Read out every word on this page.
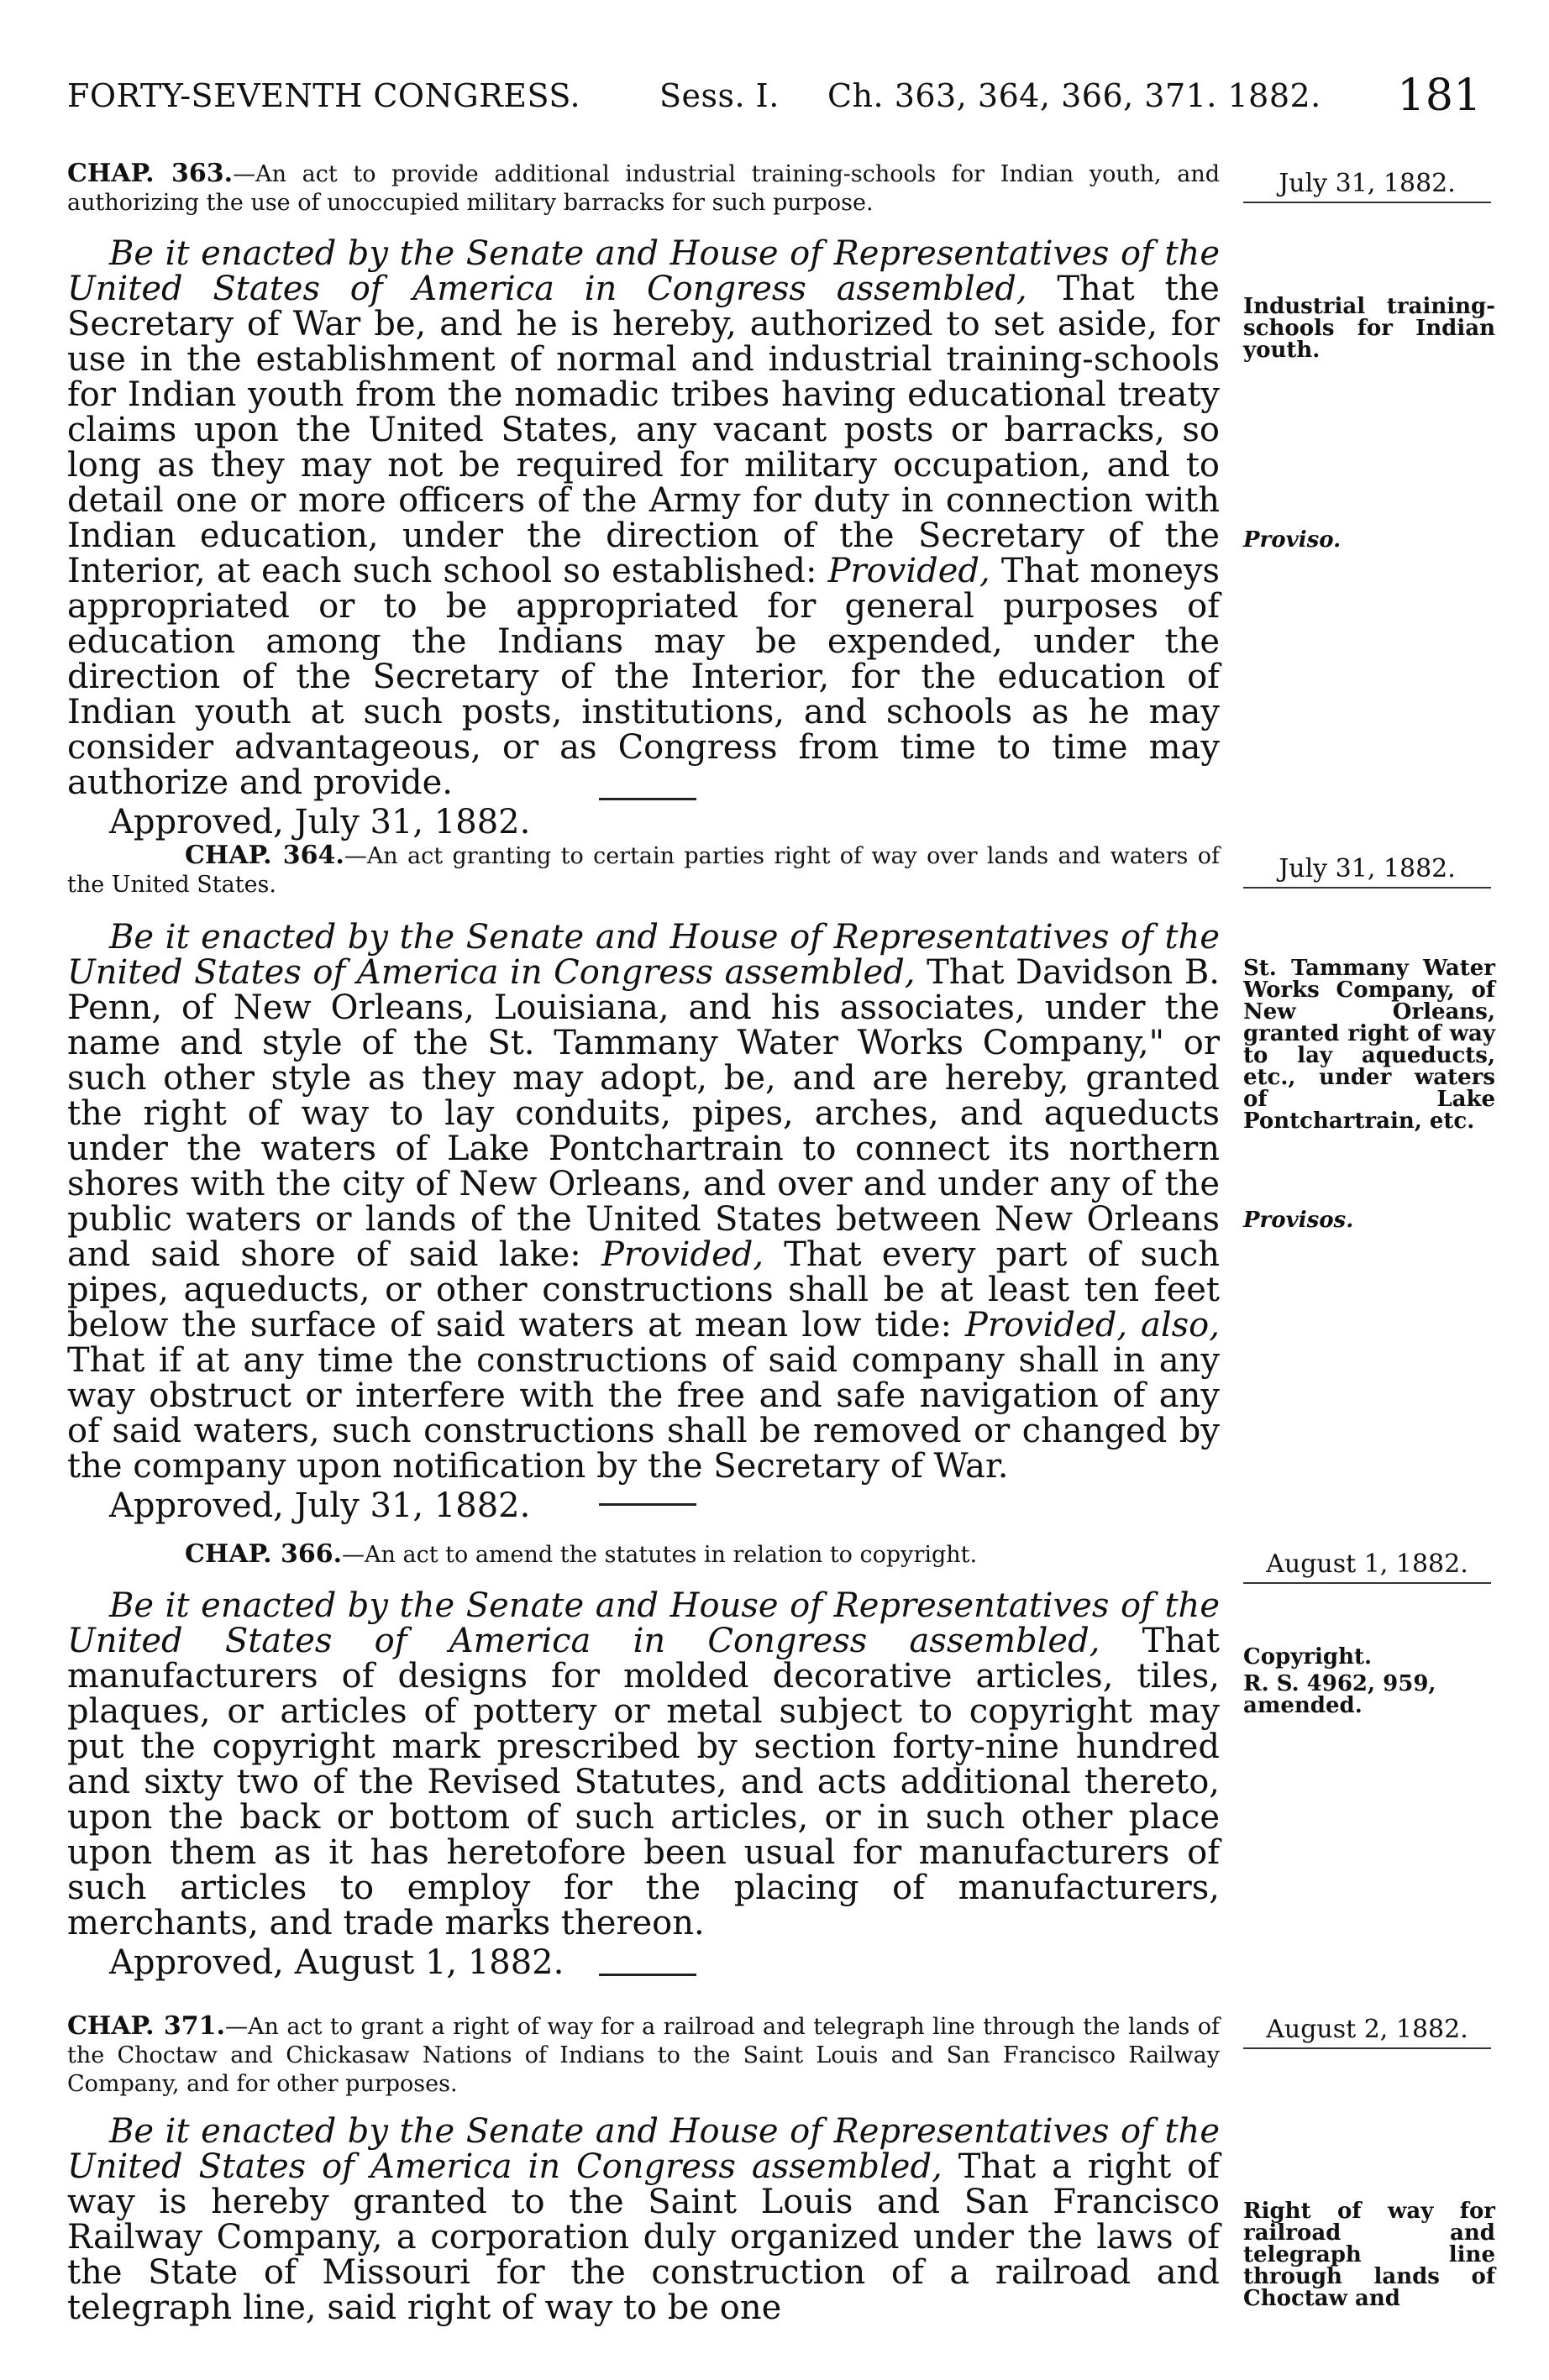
FORTY-SEVENTH CONGRESS. Sess. I. Ch. 363, 364, 366, 371. 1882. 181
CHAP. 363.—An act to provide additional industrial training-schools for Indian youth, and authorizing the use of unoccupied military barracks for such purpose.
Be it enacted by the Senate and House of Representatives of the United States of America in Congress assembled, That the Secretary of War be, and he is hereby, authorized to set aside, for use in the establishment of normal and industrial training-schools for Indian youth from the nomadic tribes having educational treaty claims upon the United States, any vacant posts or barracks, so long as they may not be required for military occupation, and to detail one or more officers of the Army for duty in connection with Indian education, under the direction of the Secretary of the Interior, at each such school so established: Provided, That moneys appropriated or to be appropriated for general purposes of education among the Indians may be expended, under the direction of the Secretary of the Interior, for the education of Indian youth at such posts, institutions, and schools as he may consider advantageous, or as Congress from time to time may authorize and provide.
Approved, July 31, 1882.
July 31, 1882.
Industrial training-schools for Indian youth.
Proviso.
CHAP. 364.—An act granting to certain parties right of way over lands and waters of the United States.
Be it enacted by the Senate and House of Representatives of the United States of America in Congress assembled, That Davidson B. Penn, of New Orleans, Louisiana, and his associates, under the name and style of the St. Tammany Water Works Company," or such other style as they may adopt, be, and are hereby, granted the right of way to lay conduits, pipes, arches, and aqueducts under the waters of Lake Pontchartrain to connect its northern shores with the city of New Orleans, and over and under any of the public waters or lands of the United States between New Orleans and said shore of said lake: Provided, That every part of such pipes, aqueducts, or other constructions shall be at least ten feet below the surface of said waters at mean low tide: Provided, also, That if at any time the constructions of said company shall in any way obstruct or interfere with the free and safe navigation of any of said waters, such constructions shall be removed or changed by the company upon notification by the Secretary of War.
Approved, July 31, 1882.
July 31, 1882.
St. Tammany Water Works Company, of New Orleans, granted right of way to lay aqueducts, etc., under waters of Lake Pontchartrain, etc.
Provisos.
CHAP. 366.—An act to amend the statutes in relation to copyright.
Be it enacted by the Senate and House of Representatives of the United States of America in Congress assembled, That manufacturers of designs for molded decorative articles, tiles, plaques, or articles of pottery or metal subject to copyright may put the copyright mark prescribed by section forty-nine hundred and sixty two of the Revised Statutes, and acts additional thereto, upon the back or bottom of such articles, or in such other place upon them as it has heretofore been usual for manufacturers of such articles to employ for the placing of manufacturers, merchants, and trade marks thereon.
Approved, August 1, 1882.
August 1, 1882.
Copyright.
R. S. 4962, 959, amended.
CHAP. 371.—An act to grant a right of way for a railroad and telegraph line through the lands of the Choctaw and Chickasaw Nations of Indians to the Saint Louis and San Francisco Railway Company, and for other purposes.
Be it enacted by the Senate and House of Representatives of the United States of America in Congress assembled, That a right of way is hereby granted to the Saint Louis and San Francisco Railway Company, a corporation duly organized under the laws of the State of Missouri for the construction of a railroad and telegraph line, said right of way to be one
August 2, 1882.
Right of way for railroad and telegraph line through lands of Choctaw and
